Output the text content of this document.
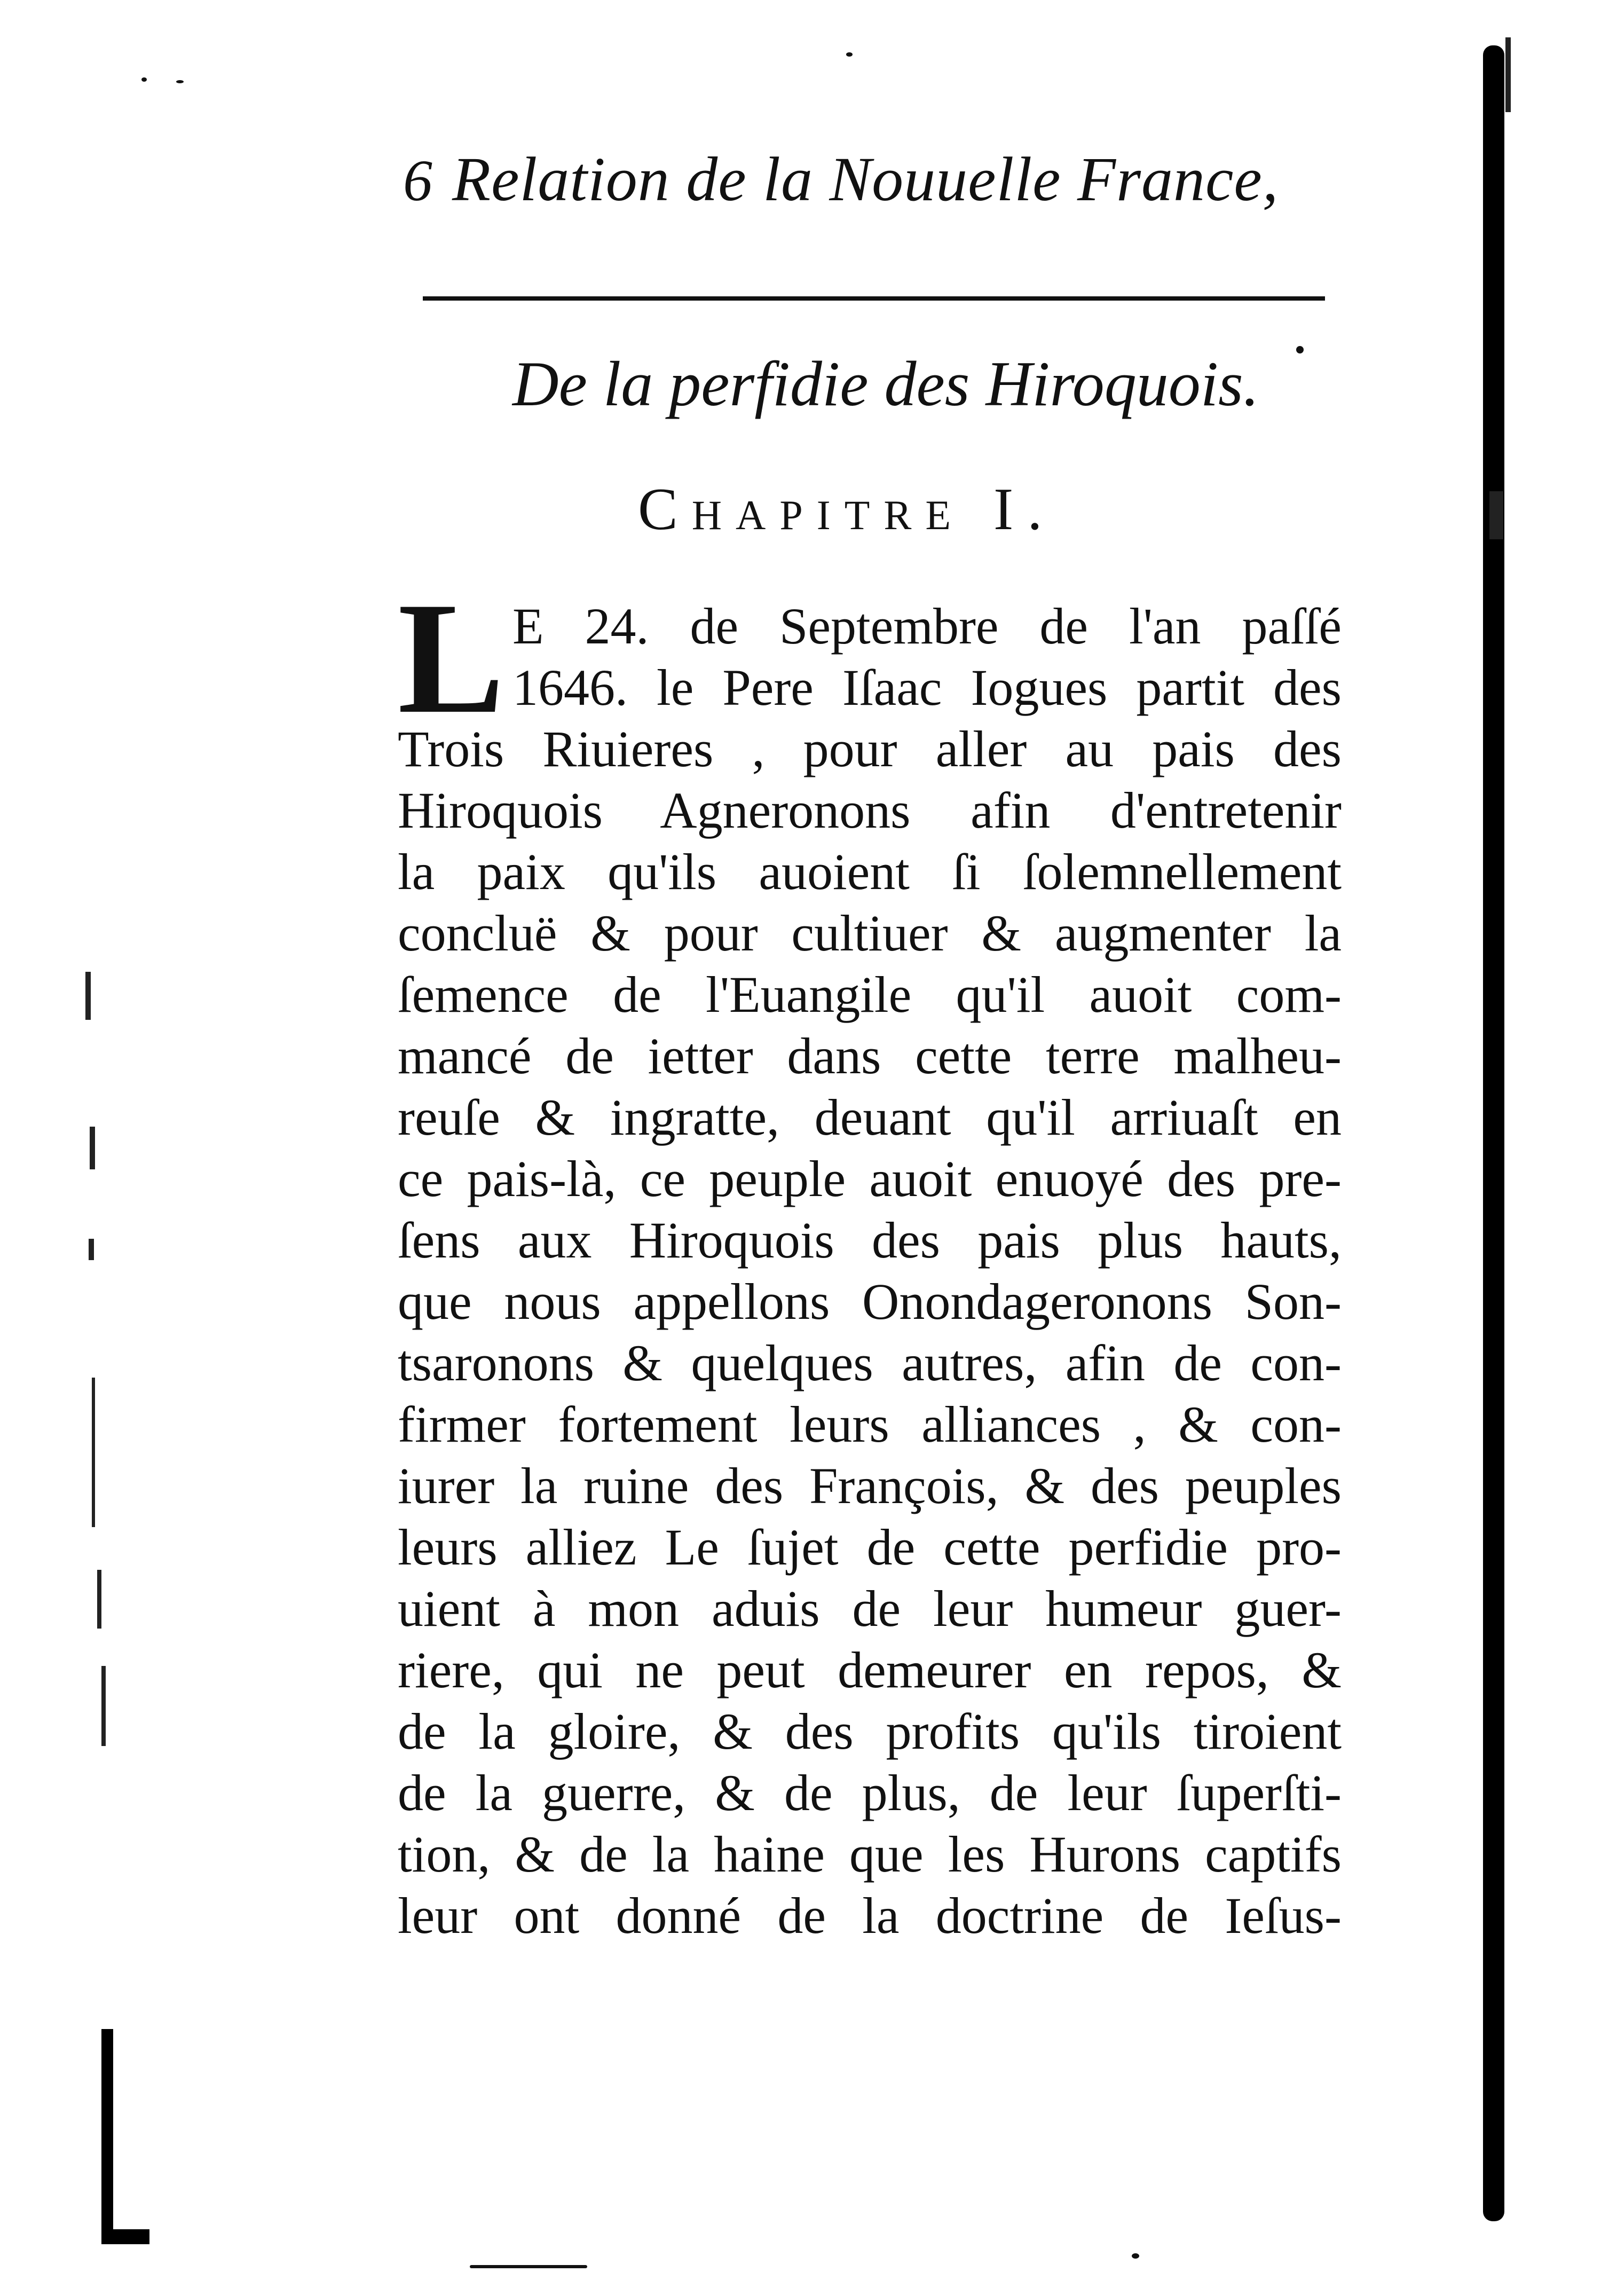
6 Relation de la Nouuelle France,
De la perfidie des Hiroquois.
Chapitre I.
L E 24. de Septembre de l'an paſſé
1646. le Pere Iſaac Iogues partit des
Trois Riuieres , pour aller au pais des
Hiroquois Agneronons afin d'entretenir
la paix qu'ils auoient ſi ſolemnellement
concluë & pour cultiuer & augmenter la
ſemence de l'Euangile qu'il auoit com-
mancé de ietter dans cette terre malheu-
reuſe & ingratte, deuant qu'il arriuaſt en
ce pais-là, ce peuple auoit enuoyé des pre-
ſens aux Hiroquois des pais plus hauts,
que nous appellons Onondageronons Son-
tsaronons & quelques autres, afin de con-
firmer fortement leurs alliances , & con-
iurer la ruine des François, & des peuples
leurs alliez Le ſujet de cette perfidie pro-
uient à mon aduis de leur humeur guer-
riere, qui ne peut demeurer en repos, &
de la gloire, & des profits qu'ils tiroient
de la guerre, & de plus, de leur ſuperſti-
tion, & de la haine que les Hurons captifs
leur ont donné de la doctrine de Ieſus-
